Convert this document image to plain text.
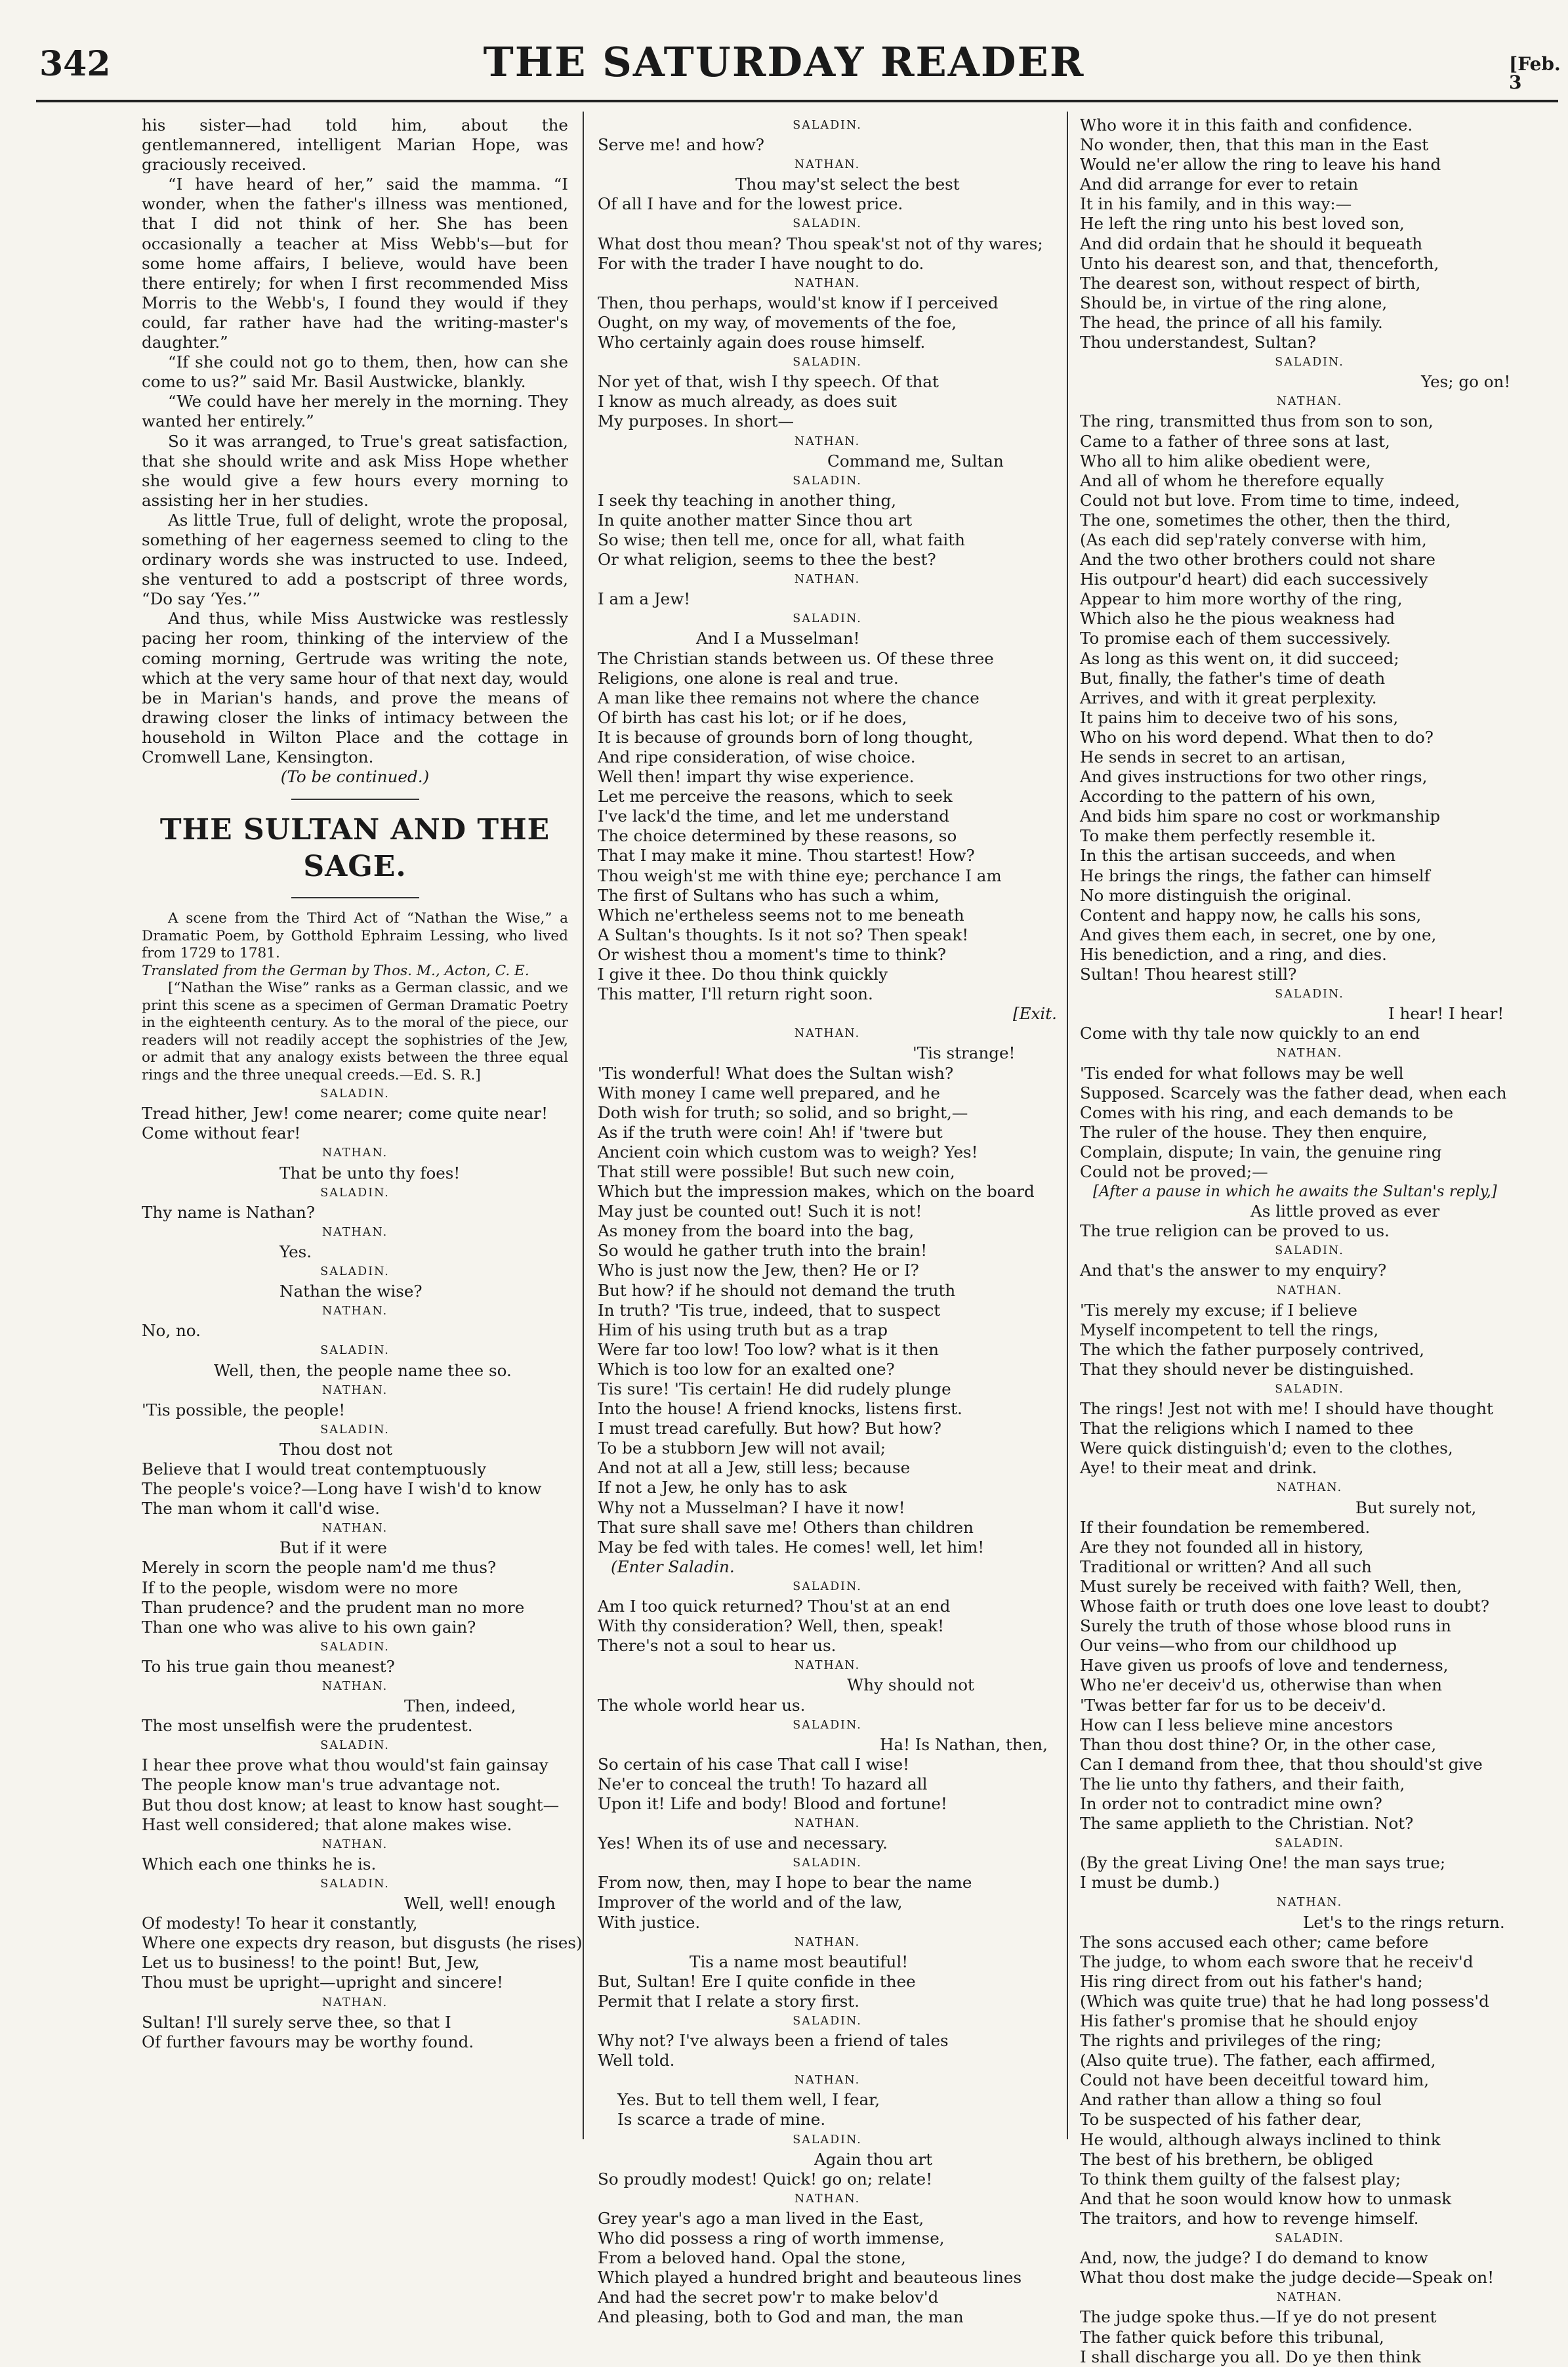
342	THE SATURDAY READER	[Feb. 3

his sister—had told him, about the gentlemannered, intelligent Marian Hope, was graciously received.

“I have heard of her,” said the mamma. “I wonder, when the father's illness was mentioned, that I did not think of her. She has been occasionally a teacher at Miss Webb's—but for some home affairs, I believe, would have been there entirely; for when I first recommended Miss Morris to the Webb's, I found they would if they could, far rather have had the writing-master's daughter.”

“If she could not go to them, then, how can she come to us?” said Mr. Basil Austwicke, blankly.

“We could have her merely in the morning. They wanted her entirely.”

So it was arranged, to True's great satisfaction, that she should write and ask Miss Hope whether she would give a few hours every morning to assisting her in her studies.

As little True, full of delight, wrote the proposal, something of her eagerness seemed to cling to the ordinary words she was instructed to use. Indeed, she ventured to add a postscript of three words, “Do say ‘Yes.’”

And thus, while Miss Austwicke was restlessly pacing her room, thinking of the interview of the coming morning, Gertrude was writing the note, which at the very same hour of that next day, would be in Marian's hands, and prove the means of drawing closer the links of intimacy between the household in Wilton Place and the cottage in Cromwell Lane, Kensington.

(To be continued.)

THE SULTAN AND THE SAGE.

A scene from the Third Act of “Nathan the Wise,” a Dramatic Poem, by Gotthold Ephraim Lessing, who lived from 1729 to 1781.

Translated from the German by Thos. M., Acton, C. E.

[“Nathan the Wise” ranks as a German classic, and we print this scene as a specimen of German Dramatic Poetry in the eighteenth century. As to the moral of the piece, our readers will not readily accept the sophistries of the Jew, or admit that any analogy exists between the three equal rings and the three unequal creeds.—Ed. S. R.]

SALADIN.

Tread hither, Jew! come nearer; come quite near!
Come without fear!

NATHAN.

That be unto thy foes!

SALADIN.

Thy name is Nathan?

NATHAN.

Yes.

SALADIN.

Nathan the wise?

NATHAN.

No, no.

SALADIN.

Well, then, the people name thee so.

NATHAN.

'Tis possible, the people!

SALADIN.

Thou dost not

Believe that I would treat contemptuously
The people's voice?—Long have I wish'd to know
The man whom it call'd wise.

NATHAN.

But if it were

Merely in scorn the people nam'd me thus?
If to the people, wisdom were no more
Than prudence? and the prudent man no more
Than one who was alive to his own gain?

SALADIN.

To his true gain thou meanest?

NATHAN.

Then, indeed,

The most unselfish were the prudentest.

SALADIN.

I hear thee prove what thou would'st fain gainsay
The people know man's true advantage not.
But thou dost know; at least to know hast sought—
Hast well considered; that alone makes wise.

NATHAN.

Which each one thinks he is.

SALADIN.

Well, well! enough

Of modesty! To hear it constantly,
Where one expects dry reason, but disgusts (he rises)
Let us to business! to the point! But, Jew,
Thou must be upright—upright and sincere!

NATHAN.

Sultan! I'll surely serve thee, so that I
Of further favours may be worthy found.

SALADIN.

Serve me! and how?

NATHAN.

Thou may'st select the best

Of all I have and for the lowest price.

SALADIN.

What dost thou mean? Thou speak'st not of thy wares;
For with the trader I have nought to do.

NATHAN.

Then, thou perhaps, would'st know if I perceived
Ought, on my way, of movements of the foe,
Who certainly again does rouse himself.

SALADIN.

Nor yet of that, wish I thy speech. Of that
I know as much already, as does suit
My purposes. In short—

NATHAN.

Command me, Sultan

SALADIN.

I seek thy teaching in another thing,
In quite another matter Since thou art
So wise; then tell me, once for all, what faith
Or what religion, seems to thee the best?

NATHAN.

I am a Jew!

SALADIN.

And I a Musselman!

The Christian stands between us. Of these three
Religions, one alone is real and true.
A man like thee remains not where the chance
Of birth has cast his lot; or if he does,
It is because of grounds born of long thought,
And ripe consideration, of wise choice.
Well then! impart thy wise experience.
Let me perceive the reasons, which to seek
I've lack'd the time, and let me understand
The choice determined by these reasons, so
That I may make it mine. Thou startest! How?
Thou weigh'st me with thine eye; perchance I am
The first of Sultans who has such a whim,
Which ne'ertheless seems not to me beneath
A Sultan's thoughts. Is it not so? Then speak!
Or wishest thou a moment's time to think?
I give it thee. Do thou think quickly
This matter, I'll return right soon.

[Exit.

NATHAN.

'Tis strange!

'Tis wonderful! What does the Sultan wish?
With money I came well prepared, and he
Doth wish for truth; so solid, and so bright,—
As if the truth were coin! Ah! if 'twere but
Ancient coin which custom was to weigh? Yes!
That still were possible! But such new coin,
Which but the impression makes, which on the board
May just be counted out! Such it is not!
As money from the board into the bag,
So would he gather truth into the brain!
Who is just now the Jew, then? He or I?
But how? if he should not demand the truth
In truth? 'Tis true, indeed, that to suspect
Him of his using truth but as a trap
Were far too low! Too low? what is it then
Which is too low for an exalted one?
Tis sure! 'Tis certain! He did rudely plunge
Into the house! A friend knocks, listens first.
I must tread carefully. But how? But how?
To be a stubborn Jew will not avail;
And not at all a Jew, still less; because
If not a Jew, he only has to ask
Why not a Musselman? I have it now!
That sure shall save me! Others than children
May be fed with tales. He comes! well, let him!

(Enter Saladin.

SALADIN.

Am I too quick returned? Thou'st at an end
With thy consideration? Well, then, speak!
There's not a soul to hear us.

NATHAN.

Why should not

The whole world hear us.

SALADIN.

Ha! Is Nathan, then,

So certain of his case That call I wise!
Ne'er to conceal the truth! To hazard all
Upon it! Life and body! Blood and fortune!

NATHAN.

Yes! When its of use and necessary.

SALADIN.

From now, then, may I hope to bear the name
Improver of the world and of the law,
With justice.

NATHAN.

Tis a name most beautiful!

But, Sultan! Ere I quite confide in thee
Permit that I relate a story first.

SALADIN.

Why not? I've always been a friend of tales
Well told.

NATHAN.

Yes. But to tell them well, I fear,
Is scarce a trade of mine.

SALADIN.

Again thou art

So proudly modest! Quick! go on; relate!

NATHAN.

Grey year's ago a man lived in the East,
Who did possess a ring of worth immense,
From a beloved hand. Opal the stone,
Which played a hundred bright and beauteous lines
And had the secret pow'r to make belov'd
And pleasing, both to God and man, the man

Who wore it in this faith and confidence.
No wonder, then, that this man in the East
Would ne'er allow the ring to leave his hand
And did arrange for ever to retain
It in his family, and in this way:—
He left the ring unto his best loved son,
And did ordain that he should it bequeath
Unto his dearest son, and that, thenceforth,
The dearest son, without respect of birth,
Should be, in virtue of the ring alone,
The head, the prince of all his family.
Thou understandest, Sultan?

SALADIN.

Yes; go on!

NATHAN.

The ring, transmitted thus from son to son,
Came to a father of three sons at last,
Who all to him alike obedient were,
And all of whom he therefore equally
Could not but love. From time to time, indeed,
The one, sometimes the other, then the third,
(As each did sep'rately converse with him,
And the two other brothers could not share
His outpour'd heart) did each successively
Appear to him more worthy of the ring,
Which also he the pious weakness had
To promise each of them successively.
As long as this went on, it did succeed;
But, finally, the father's time of death
Arrives, and with it great perplexity.
It pains him to deceive two of his sons,
Who on his word depend. What then to do?
He sends in secret to an artisan,
And gives instructions for two other rings,
According to the pattern of his own,
And bids him spare no cost or workmanship
To make them perfectly resemble it.
In this the artisan succeeds, and when
He brings the rings, the father can himself
No more distinguish the original.
Content and happy now, he calls his sons,
And gives them each, in secret, one by one,
His benediction, and a ring, and dies.
Sultan! Thou hearest still?

SALADIN.

I hear! I hear!

Come with thy tale now quickly to an end

NATHAN.

'Tis ended for what follows may be well
Supposed. Scarcely was the father dead, when each
Comes with his ring, and each demands to be
The ruler of the house. They then enquire,
Complain, dispute; In vain, the genuine ring
Could not be proved;—

[After a pause in which he awaits the Sultan's reply,]

As little proved as ever

The true religion can be proved to us.

SALADIN.

And that's the answer to my enquiry?

NATHAN.

'Tis merely my excuse; if I believe
Myself incompetent to tell the rings,
The which the father purposely contrived,
That they should never be distinguished.

SALADIN.

The rings! Jest not with me! I should have thought
That the religions which I named to thee
Were quick distinguish'd; even to the clothes,
Aye! to their meat and drink.

NATHAN.

But surely not,

If their foundation be remembered.
Are they not founded all in history,
Traditional or written? And all such
Must surely be received with faith? Well, then,
Whose faith or truth does one love least to doubt?
Surely the truth of those whose blood runs in
Our veins—who from our childhood up
Have given us proofs of love and tenderness,
Who ne'er deceiv'd us, otherwise than when
'Twas better far for us to be deceiv'd.
How can I less believe mine ancestors
Than thou dost thine? Or, in the other case,
Can I demand from thee, that thou should'st give
The lie unto thy fathers, and their faith,
In order not to contradict mine own?
The same applieth to the Christian. Not?

SALADIN.

(By the great Living One! the man says true;
I must be dumb.)

NATHAN.

Let's to the rings return.

The sons accused each other; came before
The judge, to whom each swore that he receiv'd
His ring direct from out his father's hand;
(Which was quite true) that he had long possess'd
His father's promise that he should enjoy
The rights and privileges of the ring;
(Also quite true). The father, each affirmed,
Could not have been deceitful toward him,
And rather than allow a thing so foul
To be suspected of his father dear,
He would, although always inclined to think
The best of his brethern, be obliged
To think them guilty of the falsest play;
And that he soon would know how to unmask
The traitors, and how to revenge himself.

SALADIN.

And, now, the judge? I do demand to know
What thou dost make the judge decide—Speak on!

NATHAN.

The judge spoke thus.—If ye do not present
The father quick before this tribunal,
I shall discharge you all. Do ye then think
